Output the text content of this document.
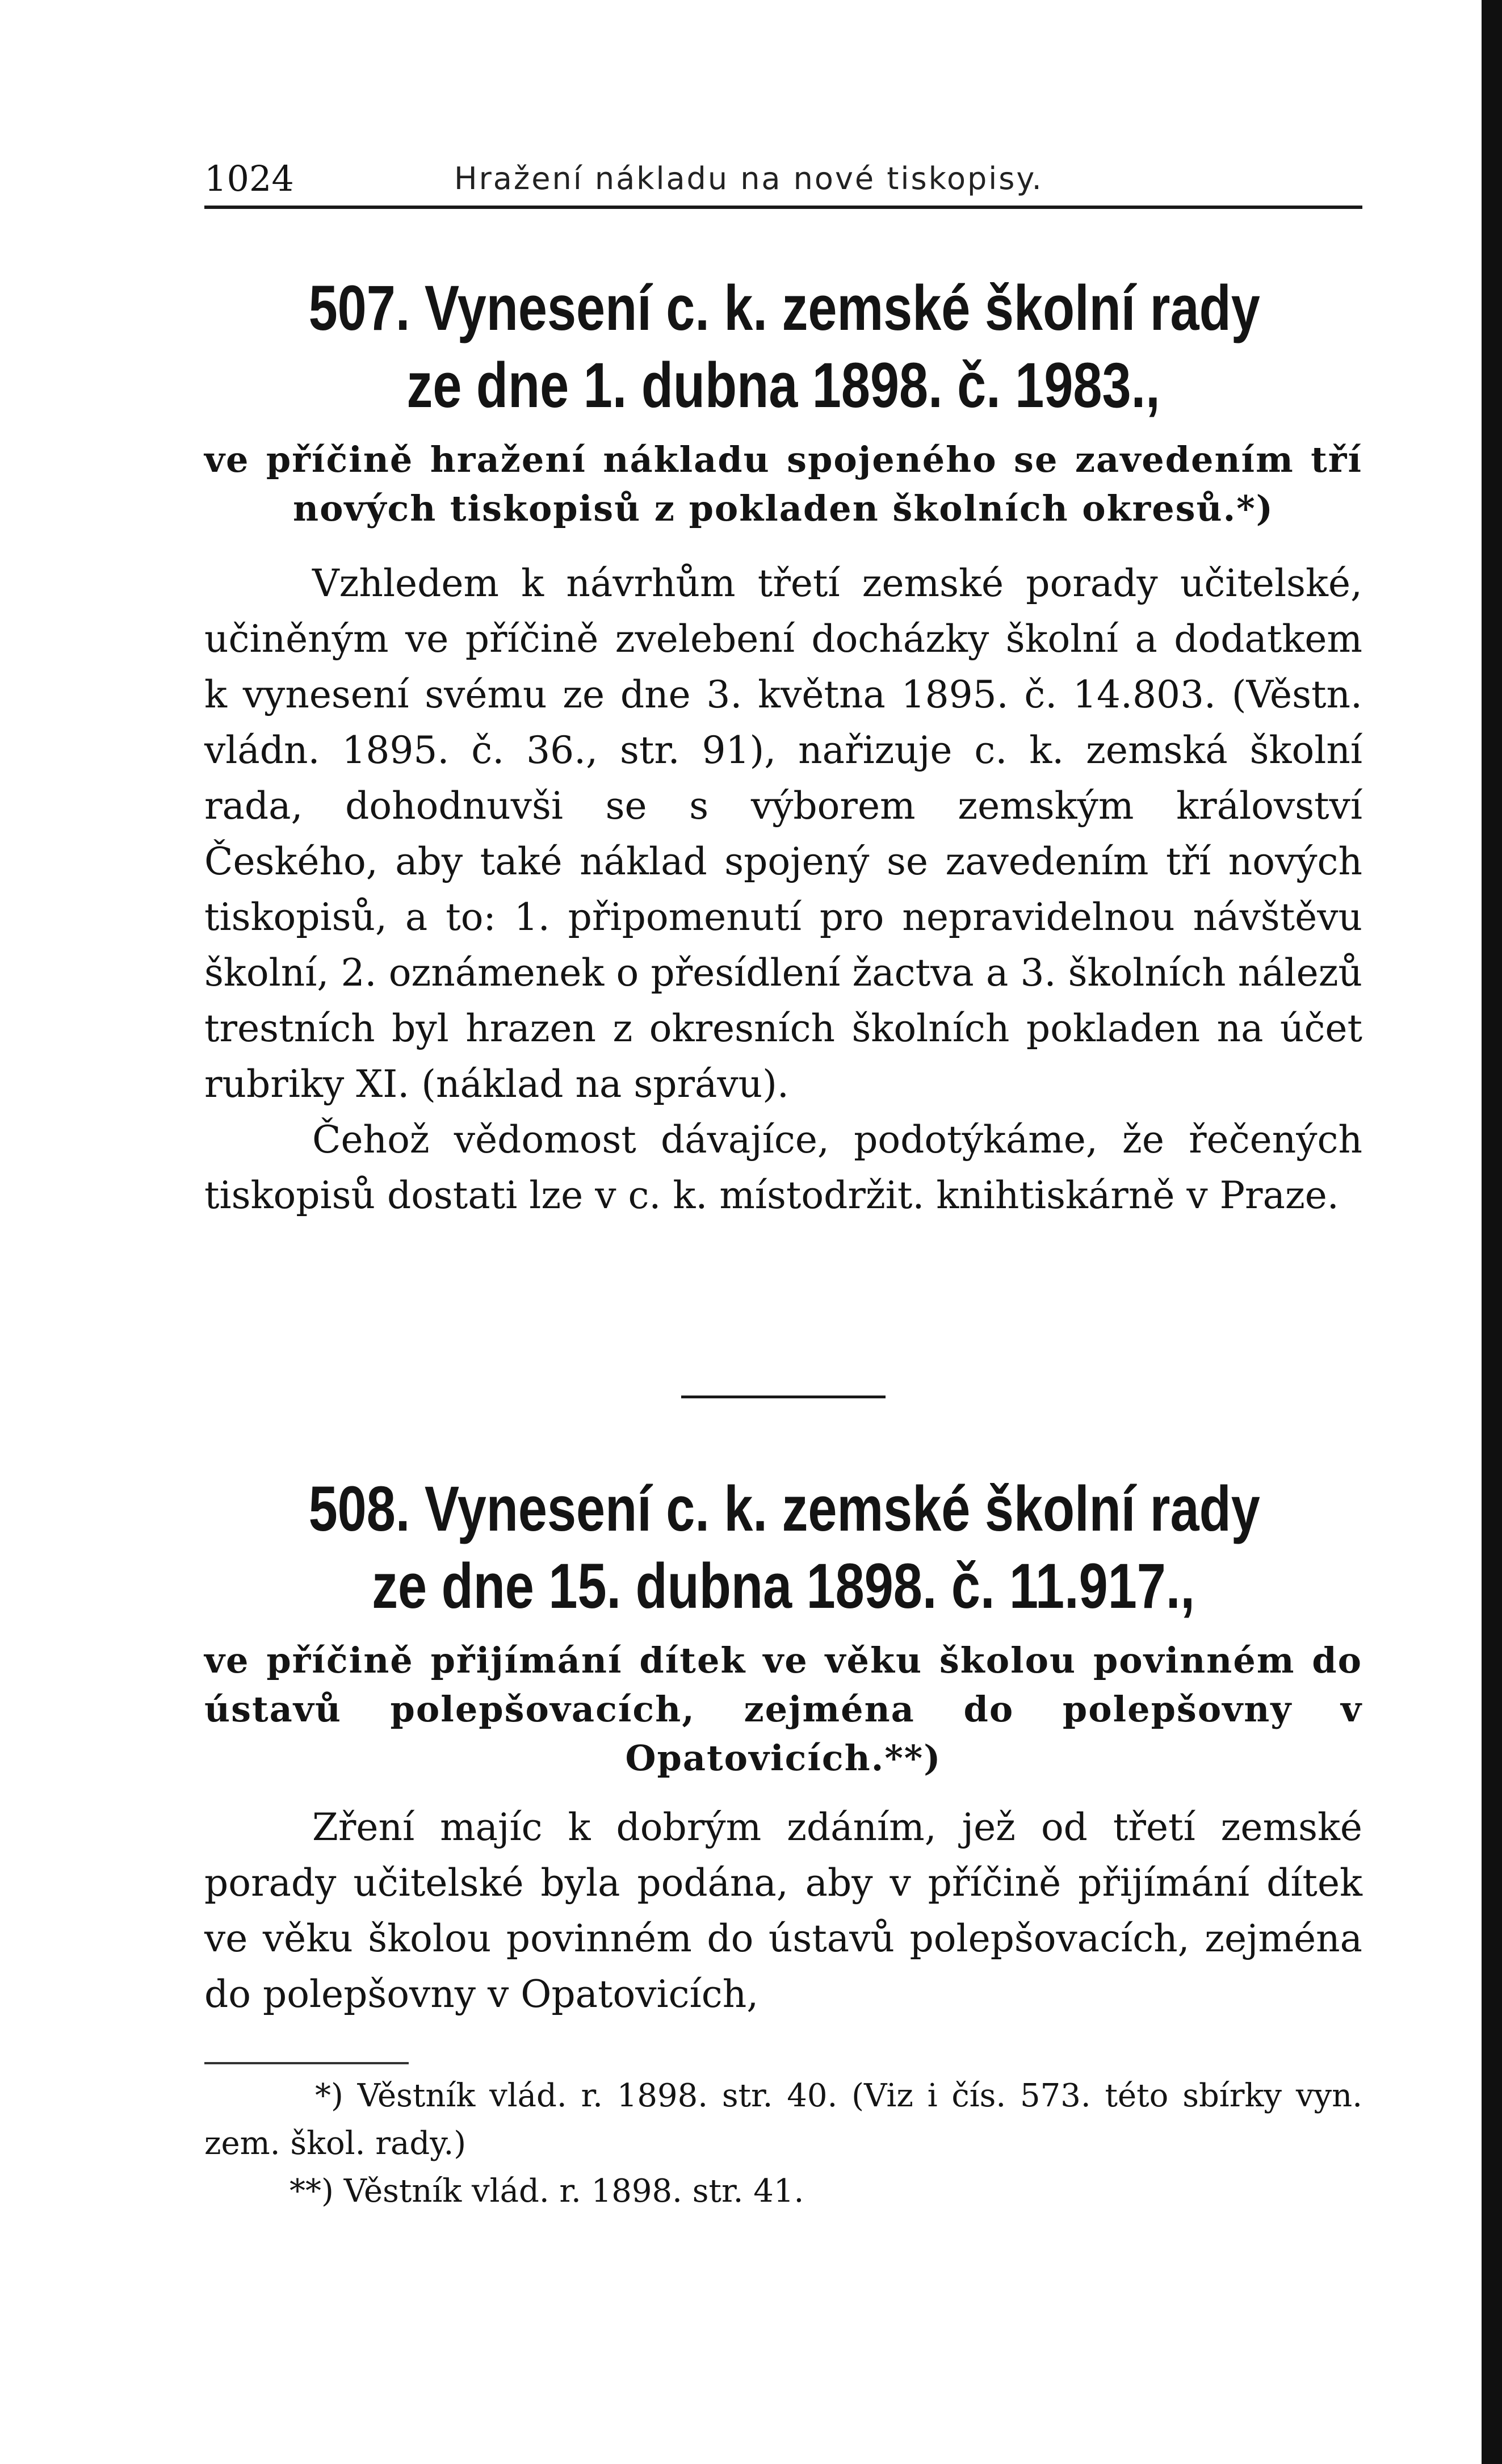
1024	Hražení nákladu na nové tiskopisy.
507. Vynesení c. k. zemské školní rady
ze dne 1. dubna 1898. č. 1983.,

ve příčině hražení nákladu spojeného se zavedením tří nových tiskopisů z pokladen školních okresů.*)

Vzhledem k návrhům třetí zemské porady učitelské, učiněným ve příčině zvelebení docházky školní a dodatkem k vynesení svému ze dne 3. května 1895. č. 14.803. (Věstn. vládn. 1895. č. 36., str. 91), nařizuje c. k. zemská školní rada, dohodnuvši se s výborem zemským království Českého, aby také náklad spojený se zavedením tří nových tiskopisů, a to: 1. připomenutí pro nepravidelnou návštěvu školní, 2. oznámenek o přesídlení žactva a 3. školních nálezů trestních byl hrazen z okresních školních pokladen na účet rubriky XI. (náklad na správu).

Čehož vědomost dávajíce, podotýkáme, že řečených tiskopisů dostati lze v c. k. místodržit. knihtiskárně v Praze.

508. Vynesení c. k. zemské školní rady
ze dne 15. dubna 1898. č. 11.917.,

ve příčině přijímání dítek ve věku školou povinném do ústavů polepšovacích, zejména do polepšovny v Opatovicích.**)

Zření majíc k dobrým zdáním, jež od třetí zemské porady učitelské byla podána, aby v příčině přijímání dítek ve věku školou povinném do ústavů polepšovacích, zejména do polepšovny v Opatovicích,

*) Věstník vlád. r. 1898. str. 40. (Viz i čís. 573. této sbírky vyn. zem. škol. rady.)

**) Věstník vlád. r. 1898. str. 41.
